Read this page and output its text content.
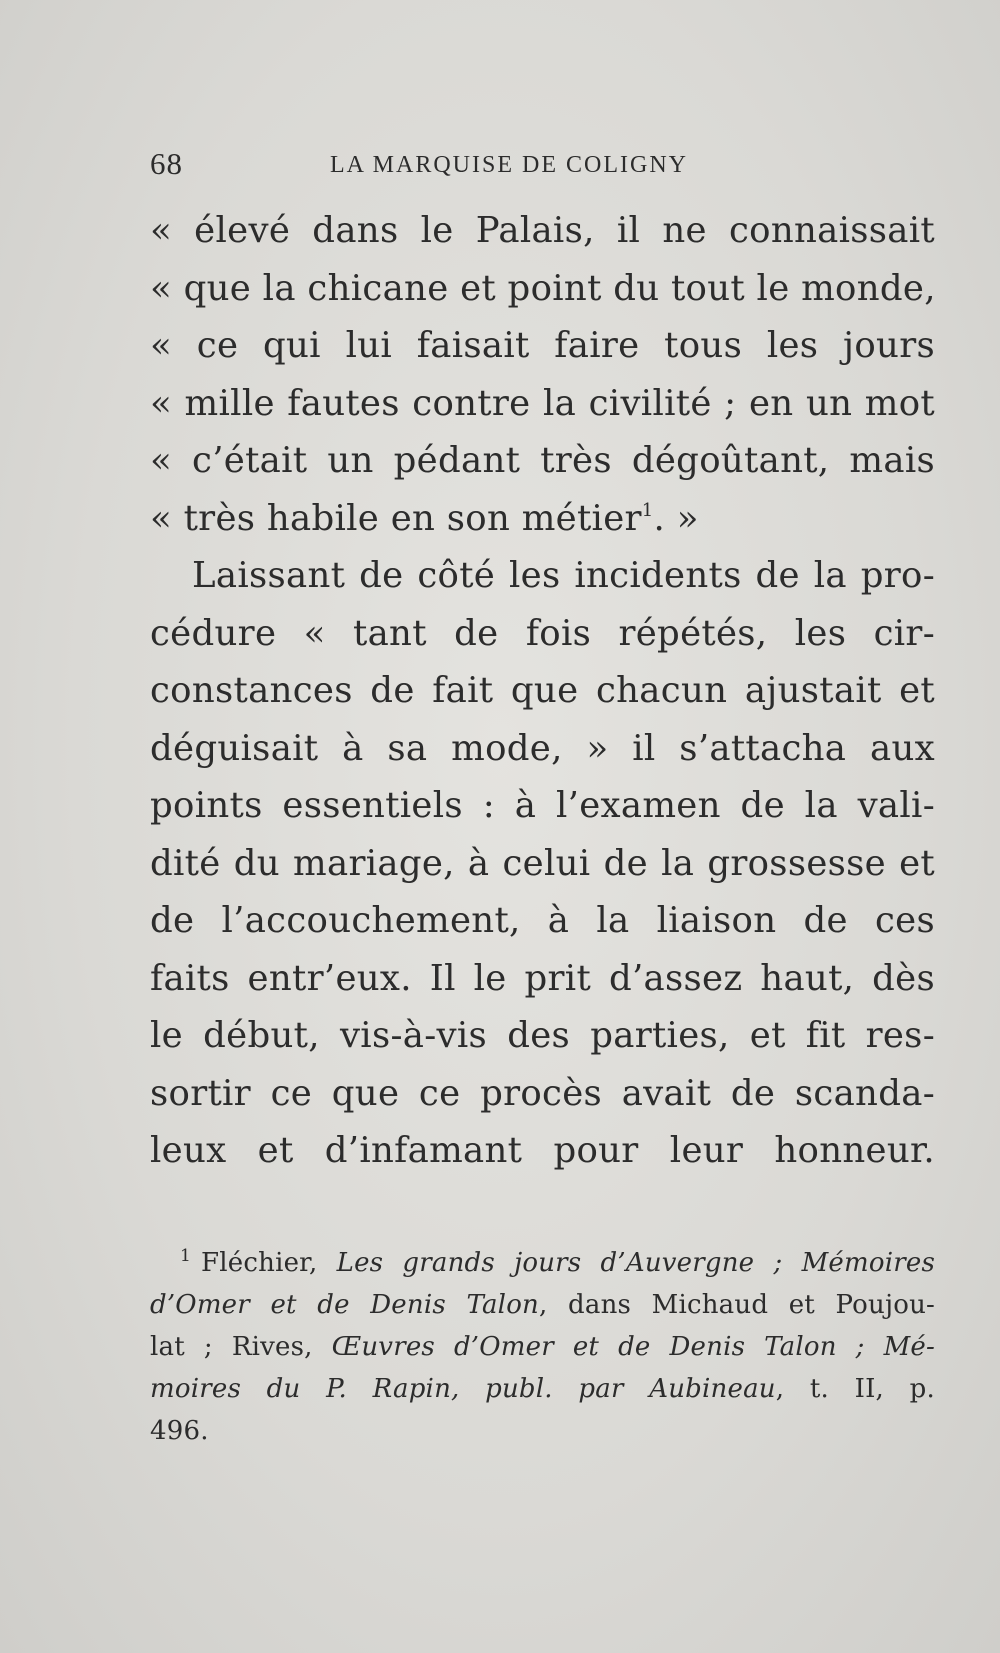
68	LA MARQUISE DE COLIGNY
« élevé dans le Palais, il ne connaissait
« que la chicane et point du tout le monde,
« ce qui lui faisait faire tous les jours
« mille fautes contre la civilité ; en un mot
« c’était un pédant très dégoûtant, mais
« très habile en son métier$^1$. »
Laissant de côté les incidents de la pro-
cédure « tant de fois répétés, les cir-
constances de fait que chacun ajustait et
déguisait à sa mode, » il s’attacha aux
points essentiels : à l’examen de la vali-
dité du mariage, à celui de la grossesse et
de l’accouchement, à la liaison de ces
faits entr’eux. Il le prit d’assez haut, dès
le début, vis-à-vis des parties, et fit res-
sortir ce que ce procès avait de scanda-
leux et d’infamant pour leur honneur.
$^1$ Fléchier, Les grands jours d’Auvergne ; Mémoires
d’Omer et de Denis Talon, dans Michaud et Poujou-
lat ; Rives, Œuvres d’Omer et de Denis Talon ; Mé-
moires du P. Rapin, publ. par Aubineau, t. II, p.
496.
